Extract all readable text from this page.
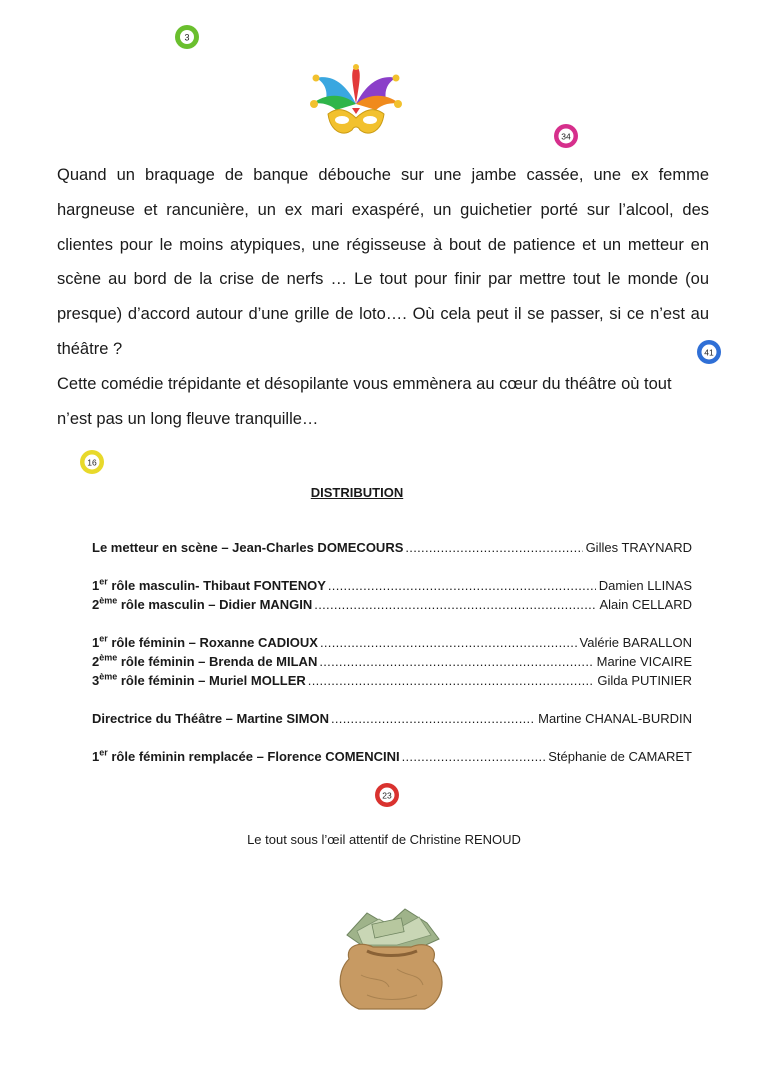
3
34
41
16
23

Quand un braquage de banque débouche sur une jambe cassée, une ex femme hargneuse et rancunière, un ex mari exaspéré, un guichetier porté sur l’alcool, des clientes pour le moins atypiques, une régisseuse à bout de patience et un metteur en scène au bord de la crise de nerfs … Le tout pour finir par mettre tout le monde (ou presque) d’accord autour d’une grille de loto…. Où cela peut il se passer, si ce n’est au théâtre ?

Cette comédie trépidante et désopilante vous emmènera au cœur du théâtre où tout n’est pas un long fleuve tranquille…

DISTRIBUTION
Le metteur en scène – Jean-Charles DOMECOURS .....	Gilles TRAYNARD
1er rôle masculin- Thibaut FONTENOY .....	Damien LLINAS
2ème rôle masculin – Didier MANGIN .....	Alain CELLARD
1er rôle féminin – Roxanne CADIOUX .....	Valérie BARALLON
2ème rôle féminin – Brenda de MILAN .....	Marine VICAIRE
3ème rôle féminin – Muriel MOLLER .....	Gilda PUTINIER
Directrice du Théâtre – Martine SIMON .....	Martine CHANAL-BURDIN
1er rôle féminin remplacée – Florence COMENCINI .....	Stéphanie de CAMARET
Le tout sous l’œil attentif de Christine RENOUD
